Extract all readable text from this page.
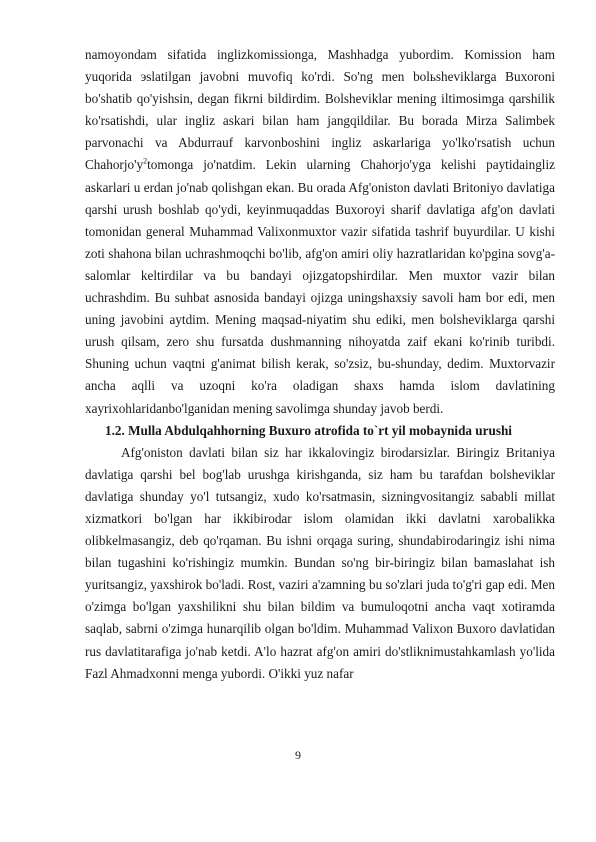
namoyondam sifatida inglizkomissionga, Mashhadga yubordim. Komission ham yuqorida эslatilgan javobni muvofiq ko'rdi. So'ng men bolьsheviklarga Buxoroni bo'shatib qo'yishsin, degan fikrni bildirdim. Bolsheviklar mening iltimosimga qarshilik ko'rsatishdi, ular ingliz askari bilan ham jangqildilar. Bu borada Mirza Salimbek parvonachi va Abdurrauf karvonboshini ingliz askarlariga yo'lko'rsatish uchun $Chahorjo'y^2tomonga$ jo'natdim. Lekin ularning Chahorjo'yga kelishi paytidaingliz askarlari u erdan jo'nab qolishgan ekan. Bu orada Afg'oniston davlati Britoniyo davlatiga qarshi urush boshlab qo'ydi, keyinmuqaddas Buxoroyi sharif davlatiga afg'on davlati tomonidan general Muhammad Valixonmuxtor vazir sifatida tashrif buyurdilar. U kishi zoti shahona bilan uchrashmoqchi bo'lib, afg'on amiri oliy hazratlaridan ko'pgina sovg'a-salomlar keltirdilar va bu bandayi ojizgatopshirdilar. Men muxtor vazir bilan uchrashdim. Bu suhbat asnosida bandayi ojizga uningshaxsiy savoli ham bor edi, men uning javobini aytdim. Mening maqsad-niyatim shu ediki, men bolsheviklarga qarshi urush qilsam, zero shu fursatda dushmanning nihoyatda zaif ekani ko'rinib turibdi. Shuning uchun vaqtni g'animat bilish kerak, so'zsiz, bu-shunday, dedim. Muxtorvazir ancha aqlli va uzoqni ko'ra oladigan shaxs hamda islom davlatining xayrixohlaridanbo'lganidan mening savolimga shunday javob berdi.

1.2. Mulla Abdulqahhorning Buxuro atrofida to`rt yil mobaynida urushi

Afg'oniston davlati bilan siz har ikkalovingiz birodarsizlar. Biringiz Britaniya davlatiga qarshi bel bog'lab urushga kirishganda, siz ham bu tarafdan bolsheviklar davlatiga shunday yo'l tutsangiz, xudo ko'rsatmasin, sizningvositangiz sababli millat xizmatkori bo'lgan har ikkibirodar islom olamidan ikki davlatni xarobalikka olibkelmasangiz, deb qo'rqaman. Bu ishni orqaga suring, shundabirodaringiz ishi nima bilan tugashini ko'rishingiz mumkin. Bundan so'ng bir-biringiz bilan bamaslahat ish yuritsangiz, yaxshirok bo'ladi. Rost, vaziri a'zamning bu so'zlari juda to'g'ri gap edi. Men o'zimga bo'lgan yaxshilikni shu bilan bildim va bumuloqotni ancha vaqt xotiramda saqlab, sabrni o'zimga hunarqilib olgan bo'ldim. Muhammad Valixon Buxoro davlatidan rus davlatitarafiga jo'nab ketdi. A'lo hazrat afg'on amiri do'stliknimustahkamlash yo'lida Fazl Ahmadxonni menga yubordi. O'ikki yuz nafar

9
